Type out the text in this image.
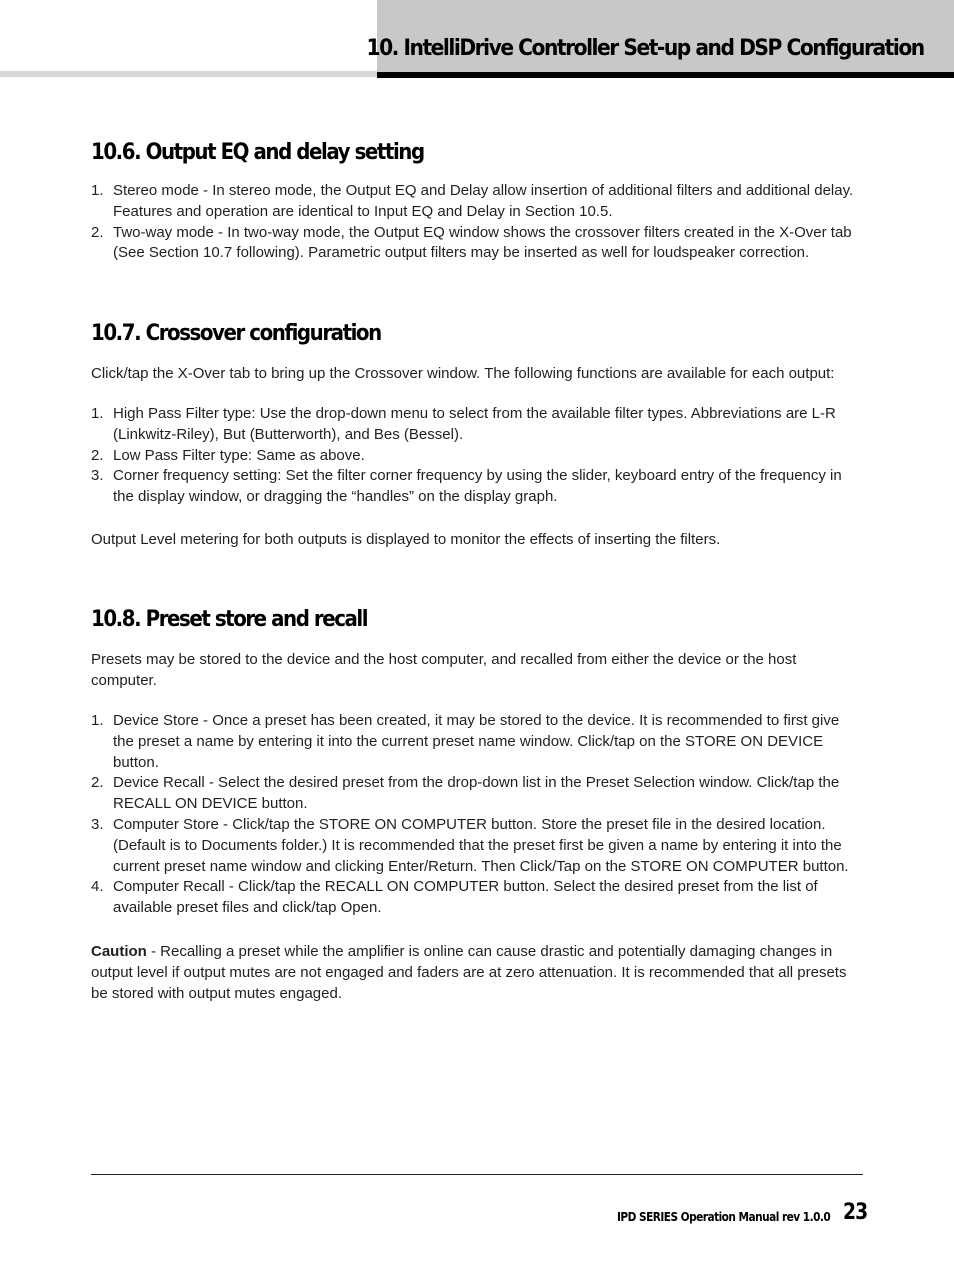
10. IntelliDrive Controller Set-up and DSP Configuration
10.6. Output EQ and delay setting
1. Stereo mode - In stereo mode, the Output EQ and Delay allow insertion of additional filters and additional delay. Features and operation are identical to Input EQ and Delay in Section 10.5.
2. Two-way mode - In two-way mode, the Output EQ window shows the crossover filters created in the X-Over tab (See Section 10.7 following). Parametric output filters may be inserted as well for loudspeaker correction.
10.7. Crossover configuration

Click/tap the X-Over tab to bring up the Crossover window. The following functions are available for each output:

1. High Pass Filter type: Use the drop-down menu to select from the available filter types. Abbreviations are L-R (Linkwitz-Riley), But (Butterworth), and Bes (Bessel).
2. Low Pass Filter type: Same as above.
3. Corner frequency setting: Set the filter corner frequency by using the slider, keyboard entry of the frequency in the display window, or dragging the “handles” on the display graph.

Output Level metering for both outputs is displayed to monitor the effects of inserting the filters.

10.8. Preset store and recall

Presets may be stored to the device and the host computer, and recalled from either the device or the host computer.

1. Device Store - Once a preset has been created, it may be stored to the device. It is recommended to first give the preset a name by entering it into the current preset name window. Click/tap on the STORE ON DEVICE button.
2. Device Recall - Select the desired preset from the drop-down list in the Preset Selection window. Click/tap the RECALL ON DEVICE button.
3. Computer Store - Click/tap the STORE ON COMPUTER button. Store the preset file in the desired location. (Default is to Documents folder.) It is recommended that the preset first be given a name by entering it into the current preset name window and clicking Enter/Return. Then Click/Tap on the STORE ON COMPUTER button.
4. Computer Recall - Click/tap the RECALL ON COMPUTER button. Select the desired preset from the list of available preset files and click/tap Open.

Caution - Recalling a preset while the amplifier is online can cause drastic and potentially damaging changes in output level if output mutes are not engaged and faders are at zero attenuation. It is recommended that all presets be stored with output mutes engaged.

IPD SERIES Operation Manual rev 1.0.0 23
